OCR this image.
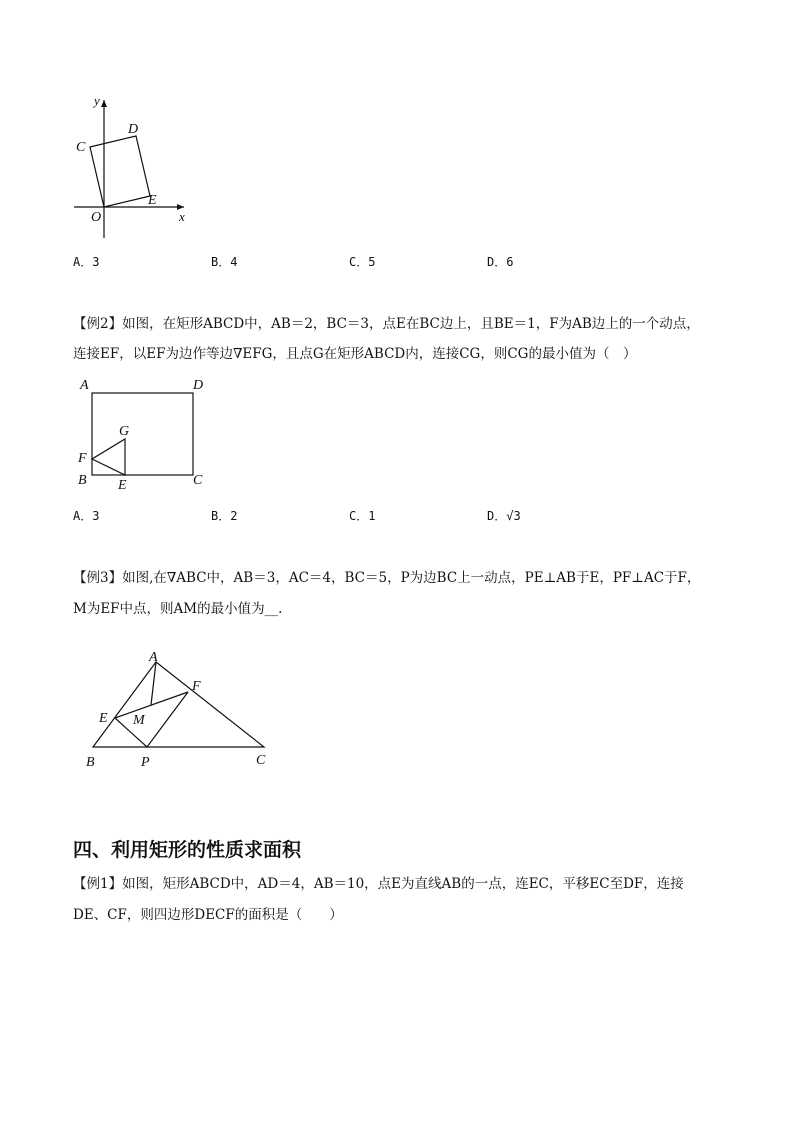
y
x
O
C
D
E
A．3	B．4	C．5	D．6
【例2】如图，在矩形ABCD中，AB＝2，BC＝3，点E在BC边上，且BE＝1，F为AB边上的一个动点，
连接EF，以EF为边作等边∇EFG，且点G在矩形ABCD内，连接CG，则CG的最小值为（　）
A	D
G
F
B E	C
A．3	B．2	C．1	D．√3
【例3】如图,在∇ABC中，AB＝3，AC＝4，BC＝5，P为边BC上一动点，PE⊥AB于E，PF⊥AC于F，
M为EF中点，则AM的最小值为__.
A
F
E M
B	P	C
四、利用矩形的性质求面积
【例1】如图，矩形ABCD中，AD＝4，AB＝10，点E为直线AB的一点，连EC，平移EC至DF，连接
DE、CF，则四边形DECF的面积是（　　）
